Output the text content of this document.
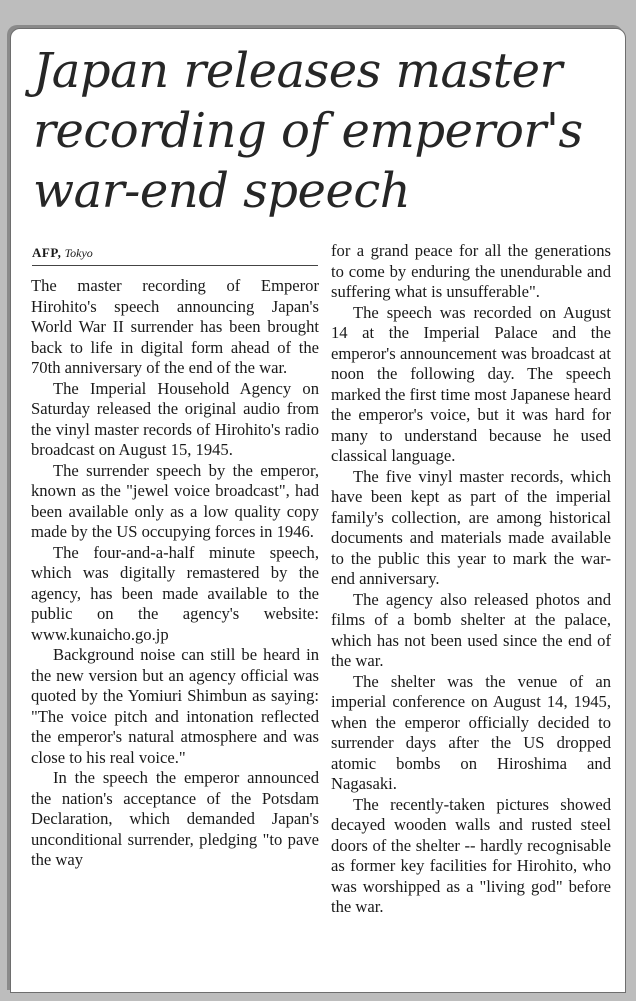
Japan releases master recording of emperor's war-end speech
AFP, Tokyo

The master recording of Emperor Hirohito's speech announcing Japan's World War II surrender has been brought back to life in digital form ahead of the 70th anniversary of the end of the war.

The Imperial Household Agency on Saturday released the original audio from the vinyl master records of Hirohito's radio broadcast on August 15, 1945.

The surrender speech by the emperor, known as the "jewel voice broadcast", had been available only as a low quality copy made by the US occupying forces in 1946.

The four-and-a-half minute speech, which was digitally remastered by the agency, has been made available to the public on the agency's website: www.kunaicho.go.jp

Background noise can still be heard in the new version but an agency official was quoted by the Yomiuri Shimbun as saying: "The voice pitch and intonation reflected the emperor's natural atmosphere and was close to his real voice."

In the speech the emperor announced the nation's acceptance of the Potsdam Declaration, which demanded Japan's unconditional surrender, pledging "to pave the way

for a grand peace for all the generations to come by enduring the unendurable and suffering what is unsufferable".

The speech was recorded on August 14 at the Imperial Palace and the emperor's announcement was broadcast at noon the following day. The speech marked the first time most Japanese heard the emperor's voice, but it was hard for many to understand because he used classical language.

The five vinyl master records, which have been kept as part of the imperial family's collection, are among historical documents and materials made available to the public this year to mark the war-end anniversary.

The agency also released photos and films of a bomb shelter at the palace, which has not been used since the end of the war.

The shelter was the venue of an imperial conference on August 14, 1945, when the emperor officially decided to surrender days after the US dropped atomic bombs on Hiroshima and Nagasaki.

The recently-taken pictures showed decayed wooden walls and rusted steel doors of the shelter -- hardly recognisable as former key facilities for Hirohito, who was worshipped as a "living god" before the war.
